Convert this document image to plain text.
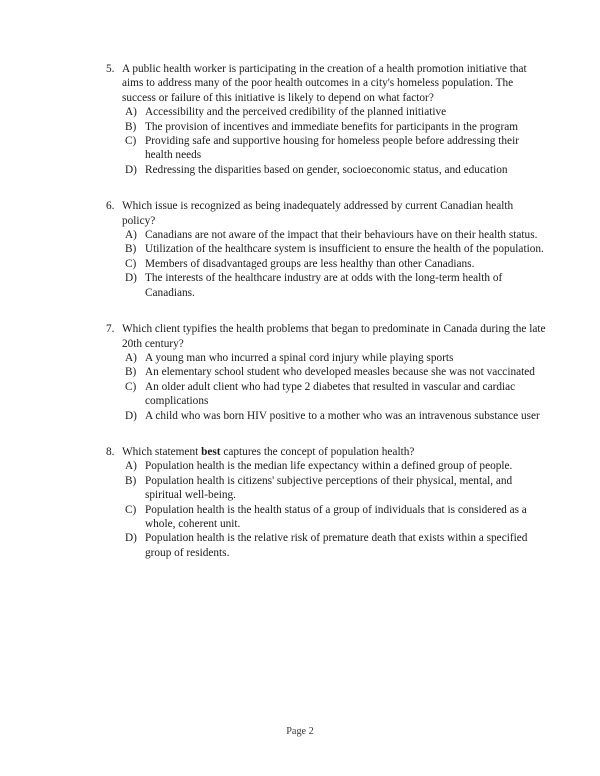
5. A public health worker is participating in the creation of a health promotion initiative that aims to address many of the poor health outcomes in a city's homeless population. The success or failure of this initiative is likely to depend on what factor?
A) Accessibility and the perceived credibility of the planned initiative
B) The provision of incentives and immediate benefits for participants in the program
C) Providing safe and supportive housing for homeless people before addressing their health needs
D) Redressing the disparities based on gender, socioeconomic status, and education
6. Which issue is recognized as being inadequately addressed by current Canadian health policy?
A) Canadians are not aware of the impact that their behaviours have on their health status.
B) Utilization of the healthcare system is insufficient to ensure the health of the population.
C) Members of disadvantaged groups are less healthy than other Canadians.
D) The interests of the healthcare industry are at odds with the long-term health of Canadians.
7. Which client typifies the health problems that began to predominate in Canada during the late 20th century?
A) A young man who incurred a spinal cord injury while playing sports
B) An elementary school student who developed measles because she was not vaccinated
C) An older adult client who had type 2 diabetes that resulted in vascular and cardiac complications
D) A child who was born HIV positive to a mother who was an intravenous substance user
8. Which statement best captures the concept of population health?
A) Population health is the median life expectancy within a defined group of people.
B) Population health is citizens' subjective perceptions of their physical, mental, and spiritual well-being.
C) Population health is the health status of a group of individuals that is considered as a whole, coherent unit.
D) Population health is the relative risk of premature death that exists within a specified group of residents.
Page 2
